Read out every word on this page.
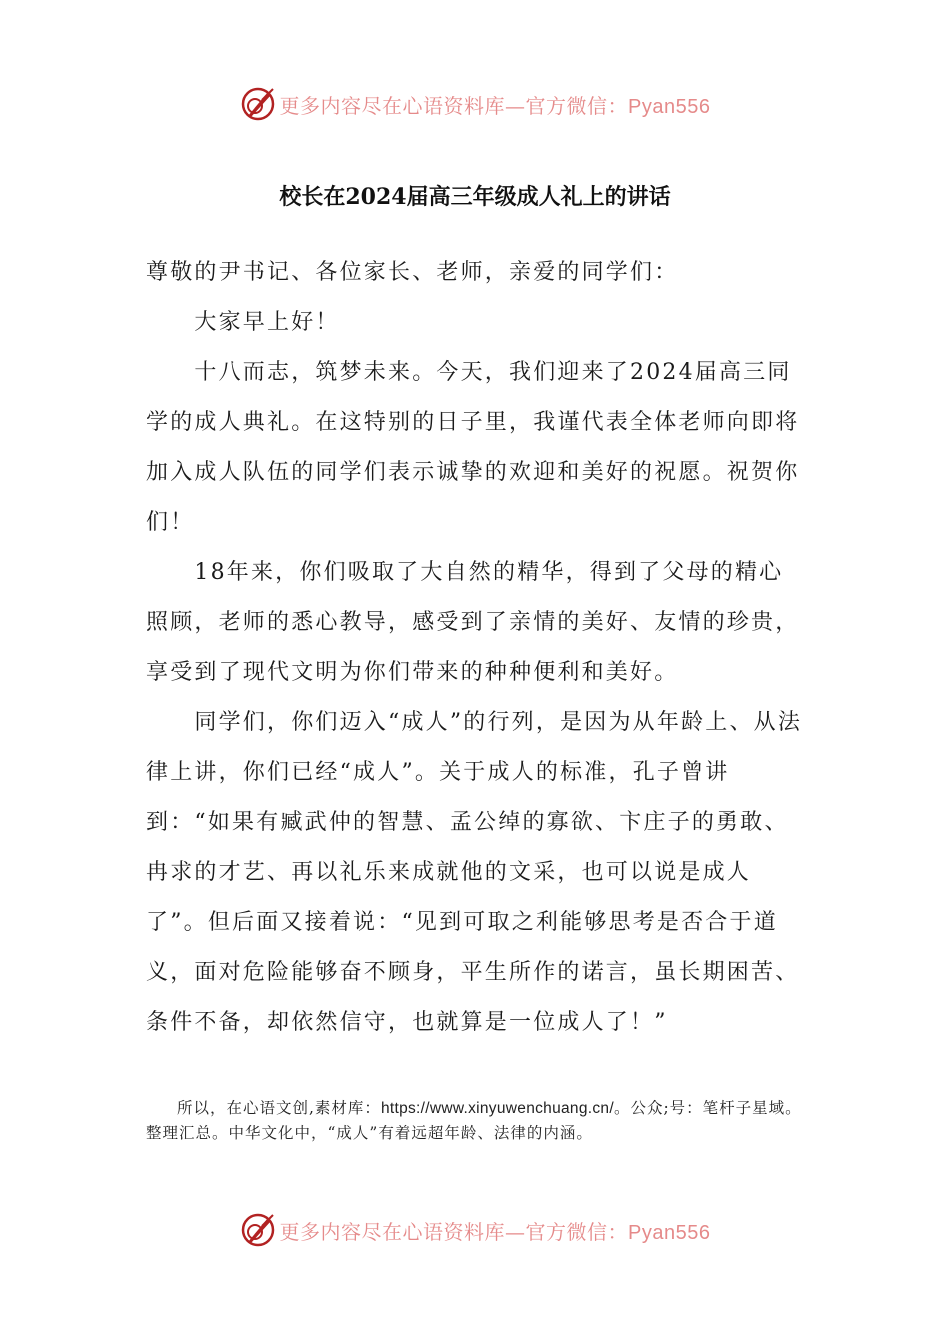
更多内容尽在心语资料库—官方微信：Pyan556
校长在2024届高三年级成人礼上的讲话

尊敬的尹书记、各位家长、老师，亲爱的同学们：

大家早上好！

十八而志，筑梦未来。今天，我们迎来了2024届高三同学的成人典礼。在这特别的日子里，我谨代表全体老师向即将加入成人队伍的同学们表示诚挚的欢迎和美好的祝愿。祝贺你们！

18年来，你们吸取了大自然的精华，得到了父母的精心照顾，老师的悉心教导，感受到了亲情的美好、友情的珍贵，享受到了现代文明为你们带来的种种便利和美好。

同学们，你们迈入“成人”的行列，是因为从年龄上、从法律上讲，你们已经“成人”。关于成人的标准，孔子曾讲到：“如果有臧武仲的智慧、孟公绰的寡欲、卞庄子的勇敢、冉求的才艺、再以礼乐来成就他的文采，也可以说是成人了”。但后面又接着说：“见到可取之利能够思考是否合于道义，面对危险能够奋不顾身，平生所作的诺言，虽长期困苦、条件不备，却依然信守，也就算是一位成人了！”

所以，在心语文创,素材库：https://www.xinyuwenchuang.cn/。公众;号：笔杆子星域。整理汇总。中华文化中，“成人”有着远超年龄、法律的内涵。
更多内容尽在心语资料库—官方微信：Pyan556
